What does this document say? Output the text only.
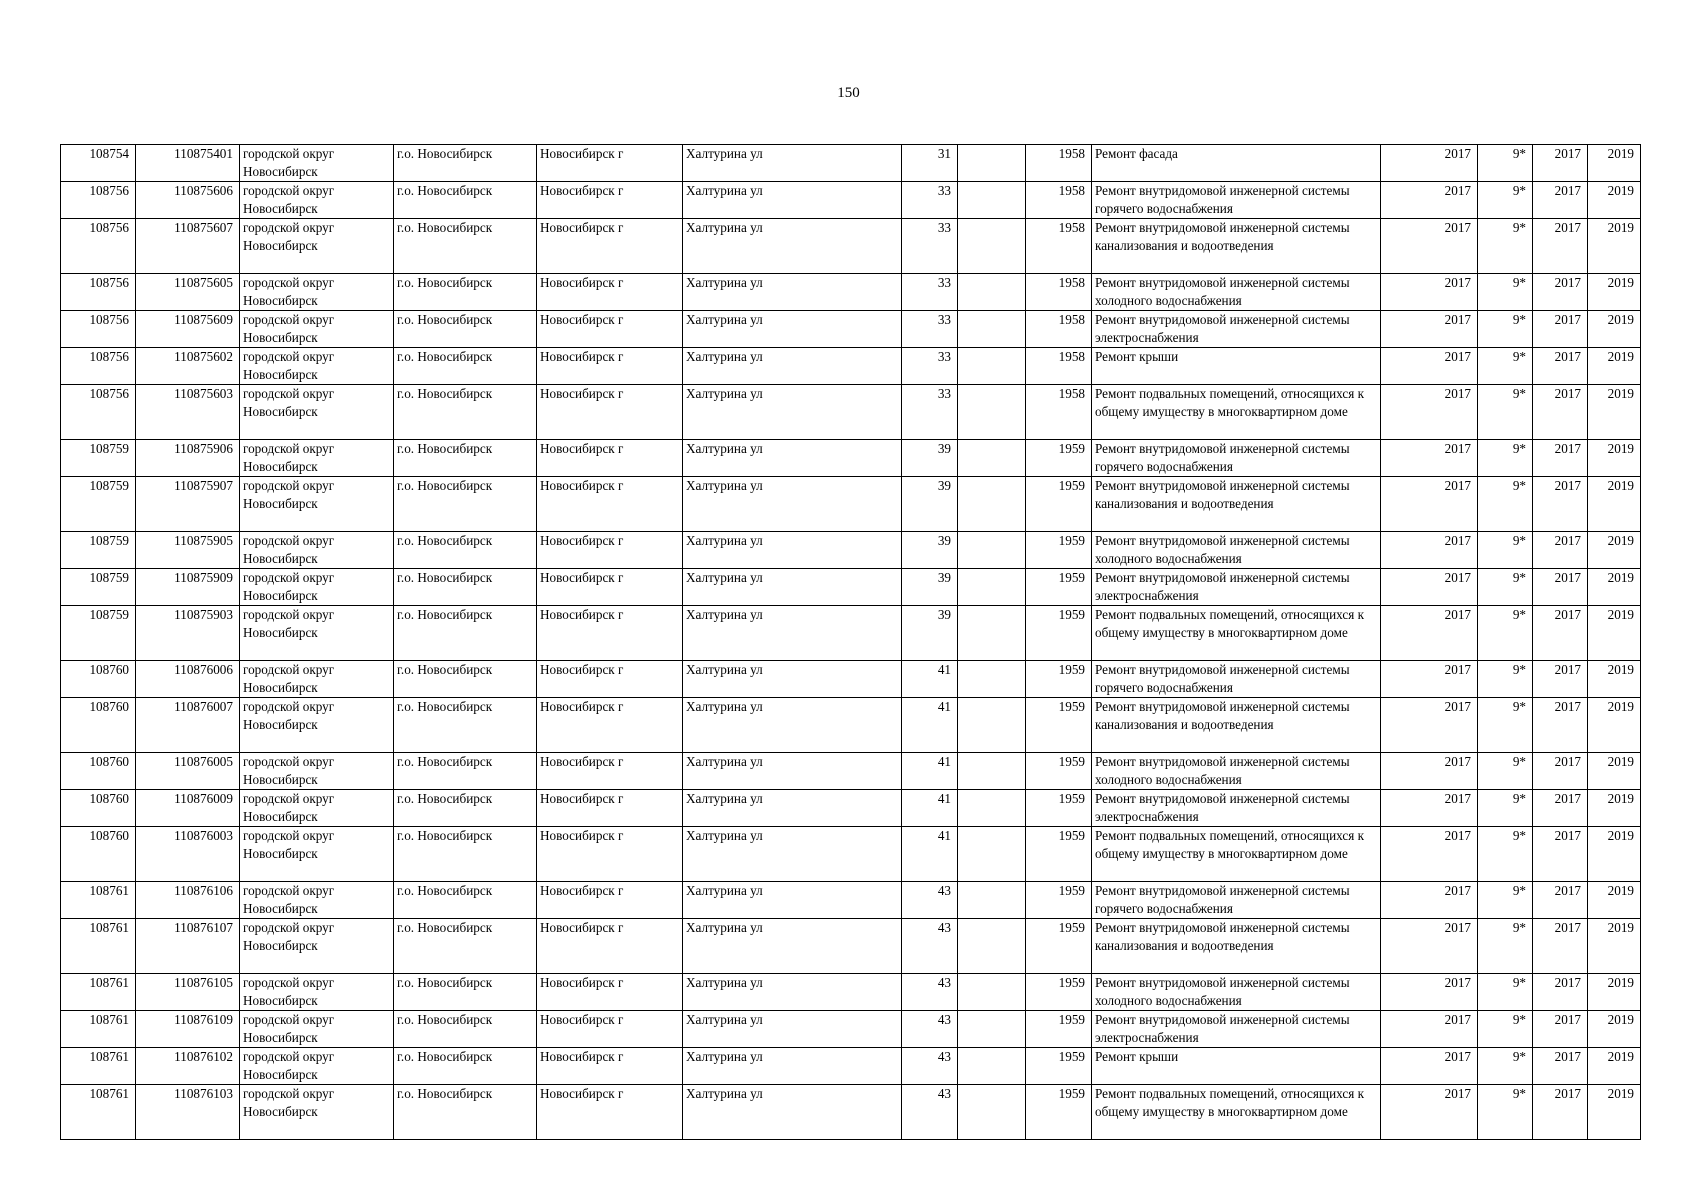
150
108754	110875401	городской округ Новосибирск	г.о. Новосибирск	Новосибирск г	Халтурина ул	31		1958	Ремонт фасада	2017	9*	2017	2019
108756	110875606	городской округ Новосибирск	г.о. Новосибирск	Новосибирск г	Халтурина ул	33		1958	Ремонт внутридомовой инженерной системы горячего водоснабжения	2017	9*	2017	2019
108756	110875607	городской округ Новосибирск	г.о. Новосибирск	Новосибирск г	Халтурина ул	33		1958	Ремонт внутридомовой инженерной системы канализования и водоотведения	2017	9*	2017	2019
108756	110875605	городской округ Новосибирск	г.о. Новосибирск	Новосибирск г	Халтурина ул	33		1958	Ремонт внутридомовой инженерной системы холодного водоснабжения	2017	9*	2017	2019
108756	110875609	городской округ Новосибирск	г.о. Новосибирск	Новосибирск г	Халтурина ул	33		1958	Ремонт внутридомовой инженерной системы электроснабжения	2017	9*	2017	2019
108756	110875602	городской округ Новосибирск	г.о. Новосибирск	Новосибирск г	Халтурина ул	33		1958	Ремонт крыши	2017	9*	2017	2019
108756	110875603	городской округ Новосибирск	г.о. Новосибирск	Новосибирск г	Халтурина ул	33		1958	Ремонт подвальных помещений, относящихся к общему имуществу в многоквартирном доме	2017	9*	2017	2019
108759	110875906	городской округ Новосибирск	г.о. Новосибирск	Новосибирск г	Халтурина ул	39		1959	Ремонт внутридомовой инженерной системы горячего водоснабжения	2017	9*	2017	2019
108759	110875907	городской округ Новосибирск	г.о. Новосибирск	Новосибирск г	Халтурина ул	39		1959	Ремонт внутридомовой инженерной системы канализования и водоотведения	2017	9*	2017	2019
108759	110875905	городской округ Новосибирск	г.о. Новосибирск	Новосибирск г	Халтурина ул	39		1959	Ремонт внутридомовой инженерной системы холодного водоснабжения	2017	9*	2017	2019
108759	110875909	городской округ Новосибирск	г.о. Новосибирск	Новосибирск г	Халтурина ул	39		1959	Ремонт внутридомовой инженерной системы электроснабжения	2017	9*	2017	2019
108759	110875903	городской округ Новосибирск	г.о. Новосибирск	Новосибирск г	Халтурина ул	39		1959	Ремонт подвальных помещений, относящихся к общему имуществу в многоквартирном доме	2017	9*	2017	2019
108760	110876006	городской округ Новосибирск	г.о. Новосибирск	Новосибирск г	Халтурина ул	41		1959	Ремонт внутридомовой инженерной системы горячего водоснабжения	2017	9*	2017	2019
108760	110876007	городской округ Новосибирск	г.о. Новосибирск	Новосибирск г	Халтурина ул	41		1959	Ремонт внутридомовой инженерной системы канализования и водоотведения	2017	9*	2017	2019
108760	110876005	городской округ Новосибирск	г.о. Новосибирск	Новосибирск г	Халтурина ул	41		1959	Ремонт внутридомовой инженерной системы холодного водоснабжения	2017	9*	2017	2019
108760	110876009	городской округ Новосибирск	г.о. Новосибирск	Новосибирск г	Халтурина ул	41		1959	Ремонт внутридомовой инженерной системы электроснабжения	2017	9*	2017	2019
108760	110876003	городской округ Новосибирск	г.о. Новосибирск	Новосибирск г	Халтурина ул	41		1959	Ремонт подвальных помещений, относящихся к общему имуществу в многоквартирном доме	2017	9*	2017	2019
108761	110876106	городской округ Новосибирск	г.о. Новосибирск	Новосибирск г	Халтурина ул	43		1959	Ремонт внутридомовой инженерной системы горячего водоснабжения	2017	9*	2017	2019
108761	110876107	городской округ Новосибирск	г.о. Новосибирск	Новосибирск г	Халтурина ул	43		1959	Ремонт внутридомовой инженерной системы канализования и водоотведения	2017	9*	2017	2019
108761	110876105	городской округ Новосибирск	г.о. Новосибирск	Новосибирск г	Халтурина ул	43		1959	Ремонт внутридомовой инженерной системы холодного водоснабжения	2017	9*	2017	2019
108761	110876109	городской округ Новосибирск	г.о. Новосибирск	Новосибирск г	Халтурина ул	43		1959	Ремонт внутридомовой инженерной системы электроснабжения	2017	9*	2017	2019
108761	110876102	городской округ Новосибирск	г.о. Новосибирск	Новосибирск г	Халтурина ул	43		1959	Ремонт крыши	2017	9*	2017	2019
108761	110876103	городской округ Новосибирск	г.о. Новосибирск	Новосибирск г	Халтурина ул	43		1959	Ремонт подвальных помещений, относящихся к общему имуществу в многоквартирном доме	2017	9*	2017	2019
